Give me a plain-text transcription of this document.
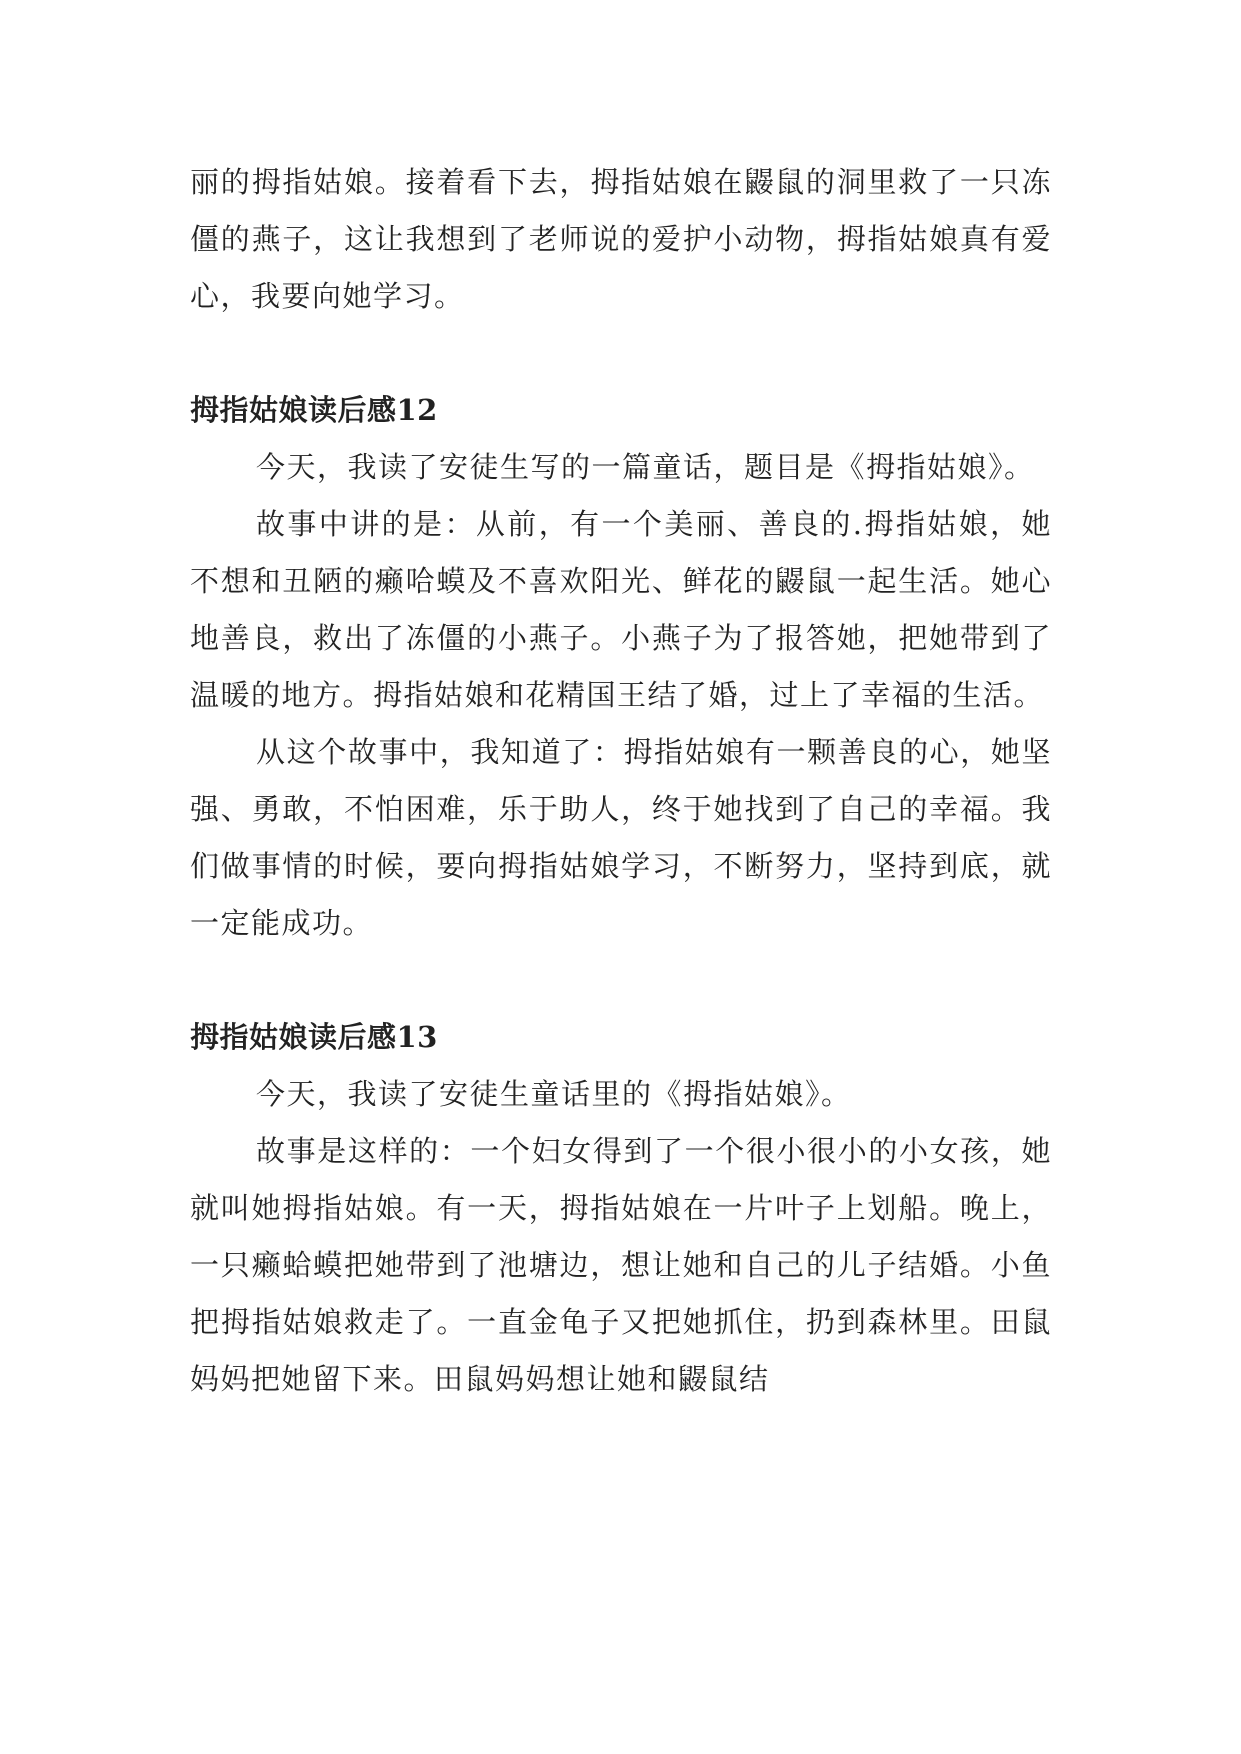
丽的拇指姑娘。接着看下去，拇指姑娘在鼹鼠的洞里救了一只冻僵的燕子，这让我想到了老师说的爱护小动物，拇指姑娘真有爱心，我要向她学习。

拇指姑娘读后感12

今天，我读了安徒生写的一篇童话，题目是《拇指姑娘》。

故事中讲的是：从前，有一个美丽、善良的.拇指姑娘，她不想和丑陋的癞哈蟆及不喜欢阳光、鲜花的鼹鼠一起生活。她心地善良，救出了冻僵的小燕子。小燕子为了报答她，把她带到了温暖的地方。拇指姑娘和花精国王结了婚，过上了幸福的生活。

从这个故事中，我知道了：拇指姑娘有一颗善良的心，她坚强、勇敢，不怕困难，乐于助人，终于她找到了自己的幸福。我们做事情的时候，要向拇指姑娘学习，不断努力，坚持到底，就一定能成功。

拇指姑娘读后感13

今天，我读了安徒生童话里的《拇指姑娘》。

故事是这样的：一个妇女得到了一个很小很小的小女孩，她就叫她拇指姑娘。有一天，拇指姑娘在一片叶子上划船。晚上，一只癞蛤蟆把她带到了池塘边，想让她和自己的儿子结婚。小鱼把拇指姑娘救走了。一直金龟子又把她抓住，扔到森林里。田鼠妈妈把她留下来。田鼠妈妈想让她和鼹鼠结
